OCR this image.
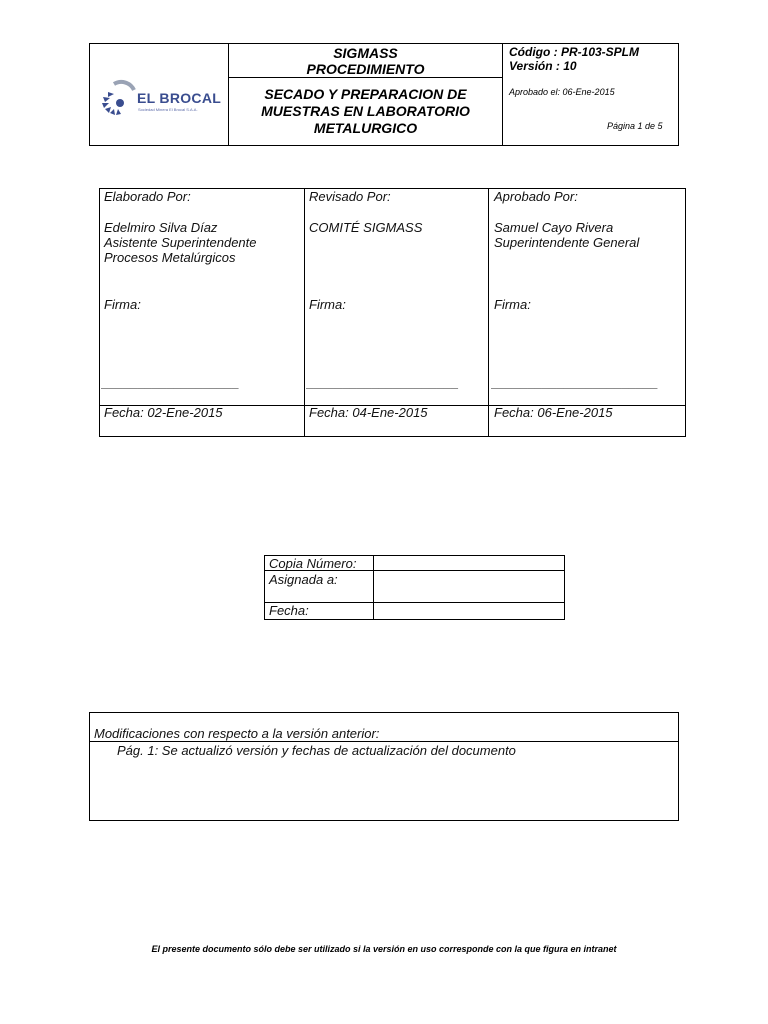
EL BROCAL
Sociedad Minera El Brocal S.A.A.
SIGMASS
PROCEDIMIENTO
SECADO Y PREPARACION DE
MUESTRAS EN LABORATORIO
METALURGICO
Código : PR-103-SPLM
Versión : 10
Aprobado el: 06-Ene-2015
Página 1 de 5
Elaborado Por:
Edelmiro Silva Díaz
Asistente Superintendente
Procesos Metalúrgicos
Firma:
___________________
Fecha: 02-Ene-2015
Revisado Por:
COMITÉ SIGMASS
Firma:
_____________________
Fecha: 04-Ene-2015
Aprobado Por:
Samuel Cayo Rivera
Superintendente General
Firma:
_______________________
Fecha: 06-Ene-2015
Copia Número:
Asignada a:
Fecha:
Modificaciones con respecto a la versión anterior:
Pág. 1: Se actualizó versión y fechas de actualización del documento
El presente documento sólo debe ser utilizado si la versión en uso corresponde con la que figura en intranet
